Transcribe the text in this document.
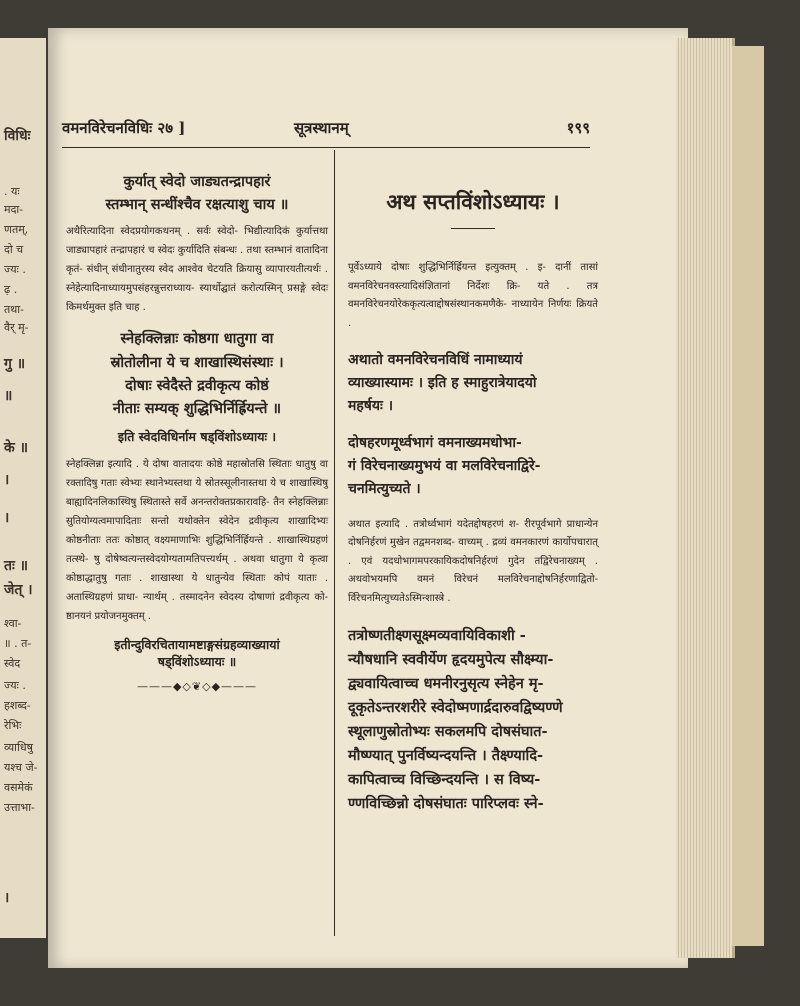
विधिः
. यः
मदा-
णतम्,
दो च
ज्यः .
ढ़ .
तथा-
वैर् मृ-
गु ॥
॥
के ॥
।
।
तः ॥
जेत् ।
श्वा-
॥ . त-
स्वेद
ज्यः .
हशब्द-
रेभिः
व्याधिषु
यश्च जे-
वसमेकं
उत्ताभा-
।
वमनविरेचनविधिः २७ ]	सूत्रस्थानम्	१९९

कुर्यात् स्वेदो जाड्यतन्द्रापहारं
स्तम्भान् सन्धींश्चैव रक्षत्याशु चाय ॥

अथैरित्यादिना स्वेदप्रयोगकथनम् . सर्वः स्वेदो- भिद्यीत्यादिकं कुर्यात्तथा जाड्यापहारं तन्द्रापहारं च स्वेदः कुर्यादिति संबन्धः . तथा स्तम्भानं वातादिना कृतं- संधीन् संधीनातुरस्य स्वेद आश्वेव चेटयति क्रियासु व्यापारयतीत्यर्थः . स्नेहेत्यादिनाध्यायमुपसंहरन्नुत्तराध्याय- स्यार्थोद्घातं करोत्यस्मिन् प्रसङ्गे स्वेदः किमर्थमुक्त इति चाह .

स्नेहक्लिन्नाः कोष्ठगा धातुगा वा
स्रोतोलीना ये च शाखास्थिसंस्थाः ।
दोषाः स्वेदैस्ते द्रवीकृत्य कोष्ठं
नीताः सम्यक् शुद्धिभिर्निर्ह्रियन्ते ॥

इति स्वेदविधिर्नाम षड्विंशोऽध्यायः ।

स्नेहक्लिन्ना इत्यादि . ये दोषा वातादयः कोष्ठे महास्रोतसि स्थिताः धातुषु वा रक्तादिषु गताः स्वेभ्यः स्थानेभ्यस्तथा ये स्रोतस्सूलीनास्तथा ये च शाखास्थिषु बाह्यादिनलिकास्थिषु स्थितास्ते सर्वे अनन्तरोक्तप्रकारावहि- तैन स्नेहक्लिन्नाः सुतियोग्यत्वमापादिताः सन्तो यथोक्तेन स्वेदेन द्रवीकृत्य शाखादिभ्यः कोष्ठनीताः ततः कोष्ठात् वक्ष्यमाणाभिः शुद्धिभिर्निर्ह्रियन्ते . शाखास्थिग्रहणं तत्स्थे- षु दोषेष्वत्यन्तस्वेदयोग्यतामतिपत्त्यर्थम् . अथवा धातुगा ये कृत्वा कोष्ठाद्धातुषु गताः . शाखास्था ये धातुन्येव स्थिताः कोपं याताः . अतास्थिग्रहणं प्राधा- न्यार्थम् . तस्मादनेन स्वेदस्य दोषाणां द्रवीकृत्य को- ष्ठानयनं प्रयोजनमुक्तम् .

इतीन्दुविरचितायामष्टाङ्गसंग्रहव्याख्यायां
षड्विंशोऽध्यायः ॥

———◆◇❦◇◆———
अथ सप्तविंशोऽध्यायः ।

पूर्वेऽध्याये दोषाः शुद्धिभिर्निर्ह्रियन्त इत्युक्तम् . इ- दानीं तासां वमनविरेचनवस्त्यादिसंज्ञितानां निर्देशः क्रि- यते . तत्र वमनविरेचनयोरेककृत्यत्वाद्दोषसंस्थानकमणैके- नाध्यायेन निर्णयः क्रियते .

अथातो वमनविरेचनविधिं नामाध्यायं
व्याख्यास्यामः । इति ह स्माहुरात्रेयादयो
महर्षयः ।

दोषहरणमूर्ध्वभागं वमनाख्यमधोभा-
गं विरेचनाख्यमुभयं वा मलविरेचनाद्विरे-
चनमित्युच्यते ।

अथात इत्यादि . तत्रोर्ध्वभागं यदेतद्दोषहरणं श- रीरपूर्वभागे प्राधान्येन दोषनिर्हरणं मुखेन तद्वमनशब्द- वाच्यम् . द्रव्यं वमनकारणं कार्योपचारात् . एवं यदधोभागमपरकायिकदोषनिर्हरणं गुदेन तद्विरेचनाख्यम् . अथवोभयमपि वमनं विरेचनं मलविरेचनाद्दोषनिर्हरणाद्वितो- र्विरेचनमित्युच्यतेऽस्मिन्शास्त्रे .

तत्रोष्णतीक्ष्णसूक्ष्मव्यवायिविकाशी -
न्यौषधानि स्ववीर्येण हृदयमुपेत्य सौक्ष्म्या-
द्व्यवायित्वाच्च धमनीरनुसृत्य स्नेहेन मृ-
दूकृतेऽन्तरशरीरे स्वेदोष्मणार्द्रदारुवद्विष्यण्णे
स्थूलाणुस्रोतोभ्यः सकलमपि दोषसंघात-
मौष्ण्यात् पुनर्विष्यन्दयन्ति । तैक्ष्ण्यादि-
कापित्वाच्च विच्छिन्दयन्ति । स विष्य-
ण्णविच्छिन्नो दोषसंघातः पारिप्लवः स्ने-
